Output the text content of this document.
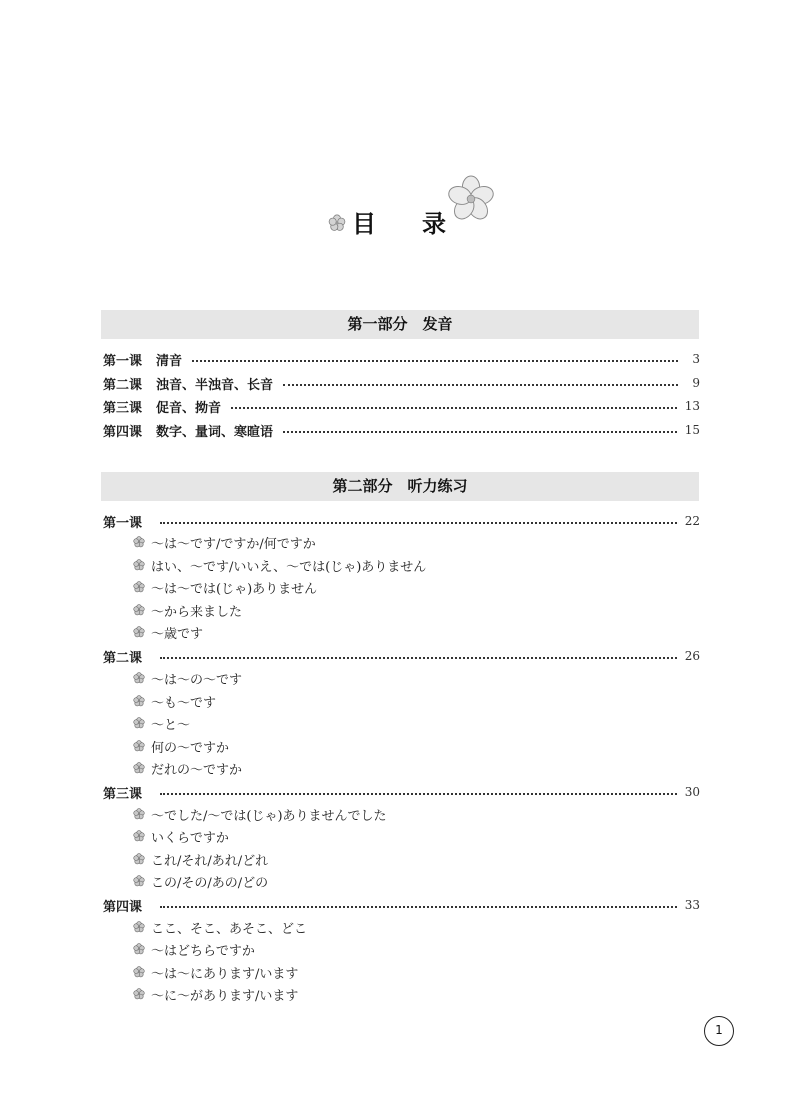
目 录
第一部分　发音
第一课 清音	3
第二课 浊音、半浊音、长音	9
第三课 促音、拗音	13
第四课 数字、量词、寒暄语	15
第二部分　听力练习
第一课	22
～は～です/ですか/何ですか
はい、～です/いいえ、～では(じゃ)ありません
～は～では(じゃ)ありません
～から来ました
～歳です
第二课	26
～は～の～です
～も～です
～と～
何の～ですか
だれの～ですか
第三课	30
～でした/～では(じゃ)ありませんでした
いくらですか
これ/それ/あれ/どれ
この/その/あの/どの
第四课	33
ここ、そこ、あそこ、どこ
～はどちらですか
～は～にあります/います
～に～があります/います
1
